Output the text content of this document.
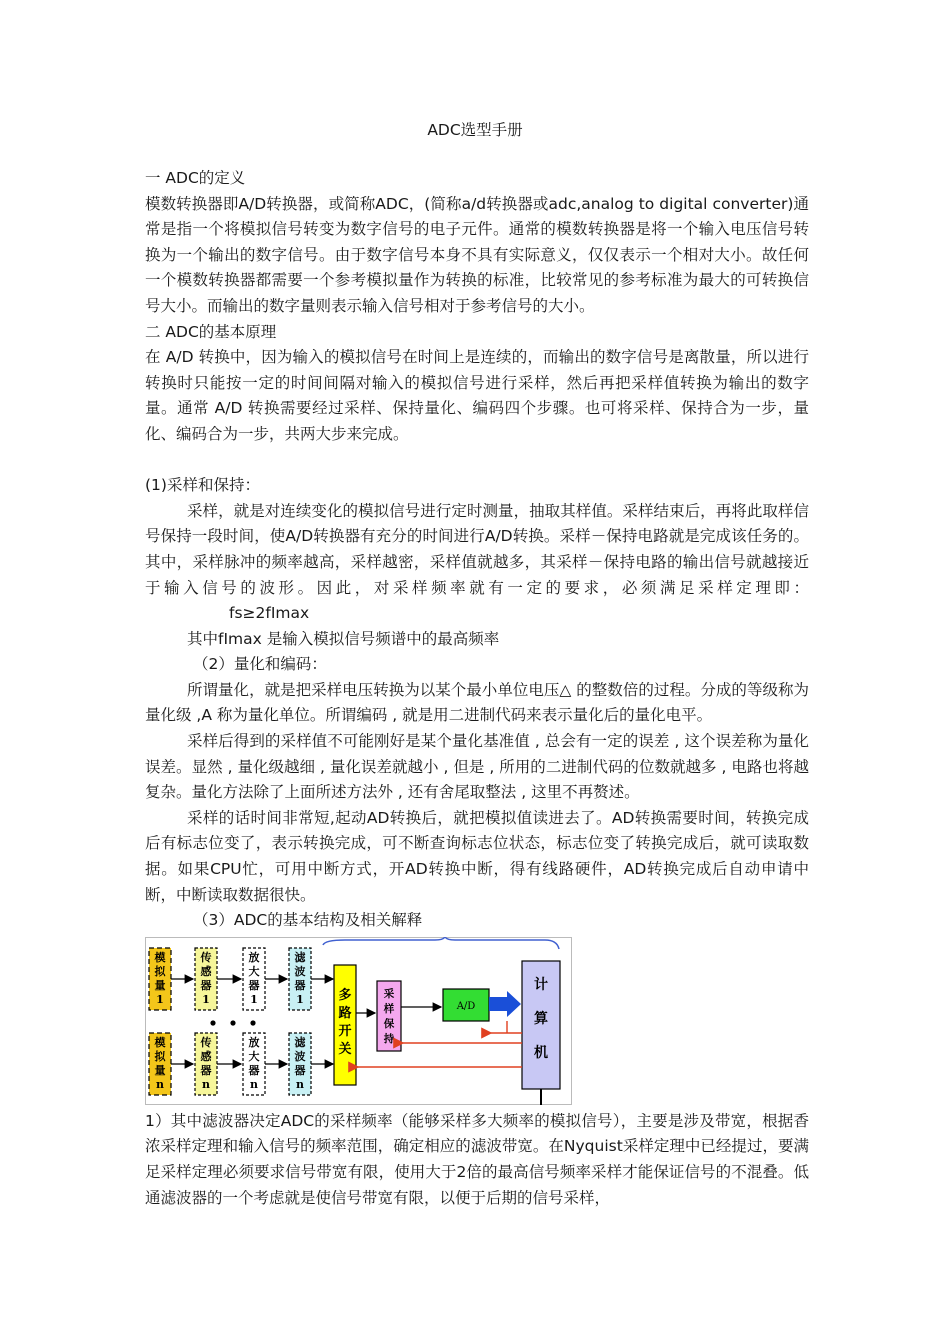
ADC选型手册

一 ADC的定义

模数转换器即A/D转换器，或简称ADC，(简称a/d转换器或adc,analog to digital converter)通常是指一个将模拟信号转变为数字信号的电子元件。通常的模数转换器是将一个输入电压信号转换为一个输出的数字信号。由于数字信号本身不具有实际意义，仅仅表示一个相对大小。故任何一个模数转换器都需要一个参考模拟量作为转换的标准，比较常见的参考标准为最大的可转换信号大小。而输出的数字量则表示输入信号相对于参考信号的大小。

二 ADC的基本原理

在 A/D 转换中，因为输入的模拟信号在时间上是连续的，而输出的数字信号是离散量，所以进行转换时只能按一定的时间间隔对输入的模拟信号进行采样，然后再把采样值转换为输出的数字量。通常 A/D 转换需要经过采样、保持量化、编码四个步骤。也可将采样、保持合为一步，量化、编码合为一步，共两大步来完成。

(1)采样和保持：

采样，就是对连续变化的模拟信号进行定时测量，抽取其样值。采样结束后，再将此取样信号保持一段时间，使A/D转换器有充分的时间进行A/D转换。采样－保持电路就是完成该任务的。其中，采样脉冲的频率越高，采样越密，采样值就越多，其采样－保持电路的输出信号就越接近于输入信号的波形。因此，对采样频率就有一定的要求，必须满足采样定理即：fs≥2fImax

其中fImax 是输入模拟信号频谱中的最高频率

（2）量化和编码：

所谓量化，就是把采样电压转换为以某个最小单位电压△ 的整数倍的过程。分成的等级称为量化级 ,A 称为量化单位。所谓编码 , 就是用二进制代码来表示量化后的量化电平。

采样后得到的采样值不可能刚好是某个量化基准值 , 总会有一定的误差 , 这个误差称为量化误差。显然 , 量化级越细 , 量化误差就越小 , 但是 , 所用的二进制代码的位数就越多 , 电路也将越 复杂。量化方法除了上面所述方法外 , 还有舍尾取整法 , 这里不再赘述。

采样的话时间非常短,起动AD转换后，就把模拟值读进去了。AD转换需要时间，转换完成后有标志位变了，表示转换完成，可不断查询标志位状态，标志位变了转换完成后，就可读取数据。如果CPU忙，可用中断方式，开AD转换中断，得有线路硬件，AD转换完成后自动申请中断，中断读取数据很快。

（3）ADC的基本结构及相关解释

模拟量 1
传感器 1
放大器 1
滤波器 1
模拟量 n
传感器 n
放大器 n
滤波器 n
多路开关
采样保持
A/D
计算机

1）其中滤波器决定ADC的采样频率（能够采样多大频率的模拟信号），主要是涉及带宽，根据香浓采样定理和输入信号的频率范围，确定相应的滤波带宽。在Nyquist采样定理中已经提过，要满足采样定理必须要求信号带宽有限，使用大于2倍的最高信号频率采样才能保证信号的不混叠。低通滤波器的一个考虑就是使信号带宽有限，以便于后期的信号采样，
